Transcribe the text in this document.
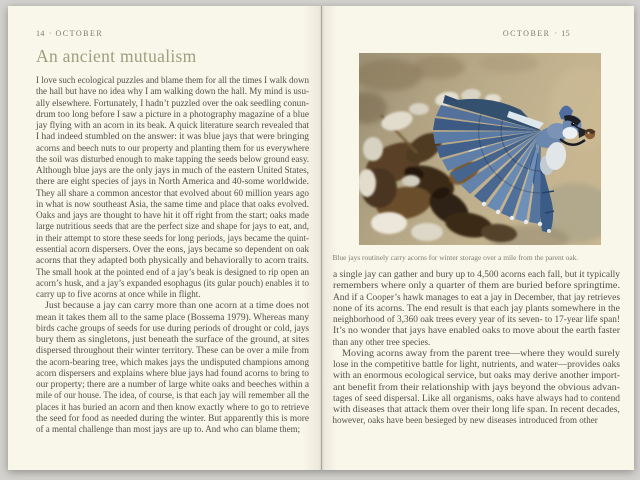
14 · OCTOBER
An ancient mutualism
I love such ecological puzzles and blame them for all the times I walk down
the hall but have no idea why I am walking down the hall. My mind is usu-
ally elsewhere. Fortunately, I hadn’t puzzled over the oak seedling conun-
drum too long before I saw a picture in a photography magazine of a blue
jay flying with an acorn in its beak. A quick literature search revealed that
I had indeed stumbled on the answer: it was blue jays that were bringing
acorns and beech nuts to our property and planting them for us everywhere
the soil was disturbed enough to make tapping the seeds below ground easy.
Although blue jays are the only jays in much of the eastern United States,
there are eight species of jays in North America and 40-some worldwide.
They all share a common ancestor that evolved about 60 million years ago
in what is now southeast Asia, the same time and place that oaks evolved.
Oaks and jays are thought to have hit it off right from the start; oaks made
large nutritious seeds that are the perfect size and shape for jays to eat, and,
in their attempt to store these seeds for long periods, jays became the quint-
essential acorn dispersers. Over the eons, jays became so dependent on oak
acorns that they adapted both physically and behaviorally to acorn traits.
The small hook at the pointed end of a jay’s beak is designed to rip open an
acorn’s husk, and a jay’s expanded esophagus (its gular pouch) enables it to
carry up to five acorns at once while in flight.
Just because a jay can carry more than one acorn at a time does not
mean it takes them all to the same place (Bossema 1979). Whereas many
birds cache groups of seeds for use during periods of drought or cold, jays
bury them as singletons, just beneath the surface of the ground, at sites
dispersed throughout their winter territory. These can be over a mile from
the acorn-bearing tree, which makes jays the undisputed champions among
acorn dispersers and explains where blue jays had found acorns to bring to
our property; there are a number of large white oaks and beeches within a
mile of our house. The idea, of course, is that each jay will remember all the
places it has buried an acorn and then know exactly where to go to retrieve
the seed for food as needed during the winter. But apparently this is more
of a mental challenge than most jays are up to. And who can blame them;
OCTOBER · 15
Blue jays routinely carry acorns for winter storage over a mile from the parent oak.
a single jay can gather and bury up to 4,500 acorns each fall, but it typically
remembers where only a quarter of them are buried before springtime.
And if a Cooper’s hawk manages to eat a jay in December, that jay retrieves
none of its acorns. The end result is that each jay plants somewhere in the
neighborhood of 3,360 oak trees every year of its seven- to 17-year life span!
It’s no wonder that jays have enabled oaks to move about the earth faster
than any other tree species.
Moving acorns away from the parent tree—where they would surely
lose in the competitive battle for light, nutrients, and water—provides oaks
with an enormous ecological service, but oaks may derive another import-
ant benefit from their relationship with jays beyond the obvious advan-
tages of seed dispersal. Like all organisms, oaks have always had to contend
with diseases that attack them over their long life span. In recent decades,
however, oaks have been besieged by new diseases introduced from other
